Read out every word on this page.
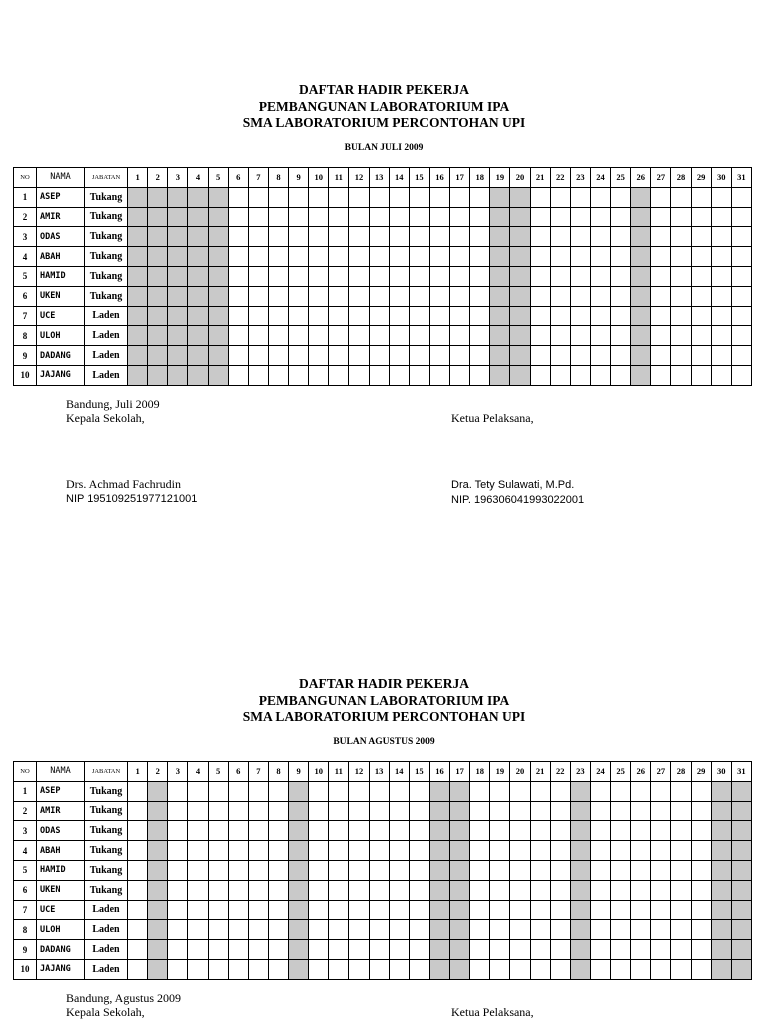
DAFTAR HADIR PEKERJA
PEMBANGUNAN LABORATORIUM IPA
SMA LABORATORIUM PERCONTOHAN UPI
BULAN JULI 2009
NO	NAMA	JABATAN	1	2	3	4	5	6	7	8	9	10	11	12	13	14	15	16	17	18	19	20	21	22	23	24	25	26	27	28	29	30	31
1	ASEP	Tukang																															
2	AMIR	Tukang																															
3	ODAS	Tukang																															
4	ABAH	Tukang																															
5	HAMID	Tukang																															
6	UKEN	Tukang																															
7	UCE	Laden																															
8	ULOH	Laden																															
9	DADANG	Laden																															
10	JAJANG	Laden																															
Bandung, Juli 2009
Kepala Sekolah,	Ketua Pelaksana,
Drs. Achmad Fachrudin
NIP 195109251977121001
Dra. Tety Sulawati, M.Pd.
NIP. 196306041993022001
DAFTAR HADIR PEKERJA
PEMBANGUNAN LABORATORIUM IPA
SMA LABORATORIUM PERCONTOHAN UPI
BULAN AGUSTUS 2009
NO	NAMA	JABATAN	1	2	3	4	5	6	7	8	9	10	11	12	13	14	15	16	17	18	19	20	21	22	23	24	25	26	27	28	29	30	31
1	ASEP	Tukang																															
2	AMIR	Tukang																															
3	ODAS	Tukang																															
4	ABAH	Tukang																															
5	HAMID	Tukang																															
6	UKEN	Tukang																															
7	UCE	Laden																															
8	ULOH	Laden																															
9	DADANG	Laden																															
10	JAJANG	Laden																															
Bandung, Agustus 2009
Kepala Sekolah,	Ketua Pelaksana,
